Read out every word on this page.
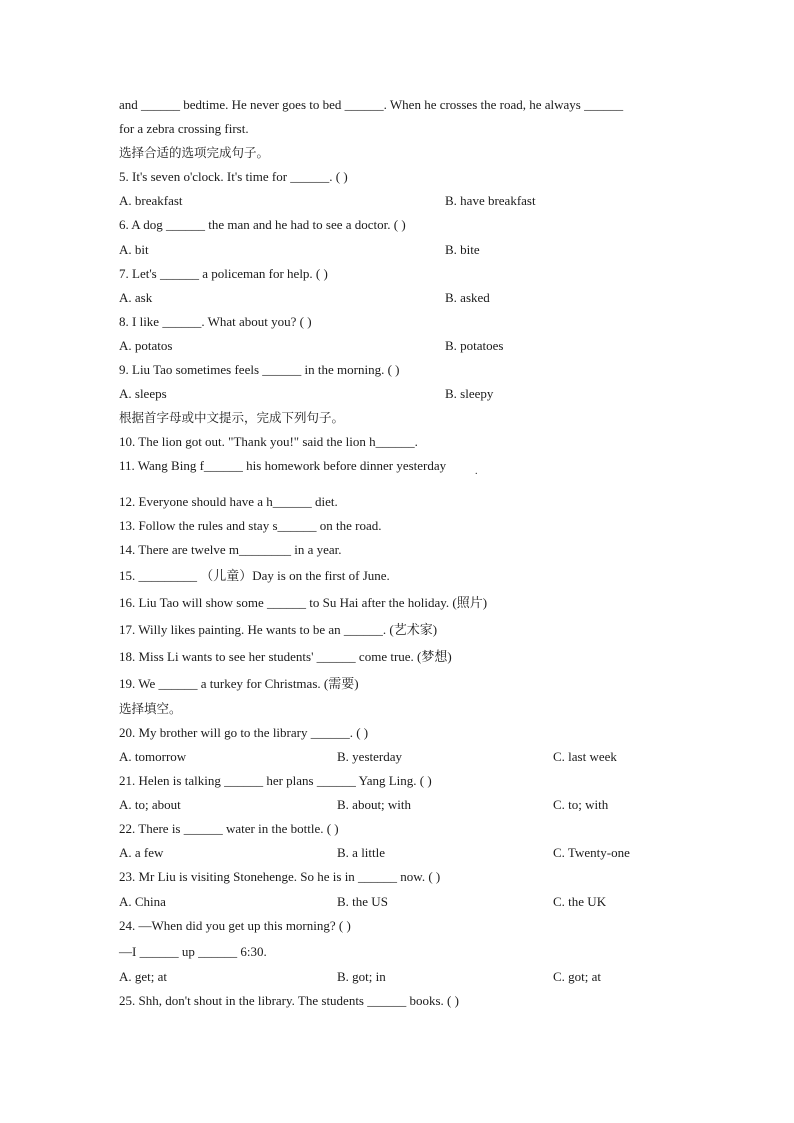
and ______ bedtime. He never goes to bed ______. When he crosses the road, he always ______
for a zebra crossing first.
选择合适的选项完成句子。
5. It's seven o'clock. It's time for ______. ( )
A. breakfast	B. have breakfast
6. A dog ______ the man and he had to see a doctor. ( )
A. bit	B. bite
7. Let's ______ a policeman for help. ( )
A. ask	B. asked
8. I like ______. What about you? ( )
A. potatos	B. potatoes
9. Liu Tao sometimes feels ______ in the morning. ( )
A. sleeps	B. sleepy
根据首字母或中文提示，完成下列句子。
10. The lion got out. "Thank you!" said the lion h______.
11. Wang Bing f______ his homework before dinner yesterday	.
12. Everyone should have a h______ diet.
13. Follow the rules and stay s______ on the road.
14. There are twelve m________ in a year.
15. _________ （儿童）Day is on the first of June.
16. Liu Tao will show some ______ to Su Hai after the holiday. (照片)
17. Willy likes painting. He wants to be an ______. (艺术家)
18. Miss Li wants to see her students' ______ come true. (梦想)
19. We ______ a turkey for Christmas. (需要)
选择填空。
20. My brother will go to the library ______. ( )
A. tomorrow	B. yesterday	C. last week
21. Helen is talking ______ her plans ______ Yang Ling. ( )
A. to; about	B. about; with	C. to; with
22. There is ______ water in the bottle. ( )
A. a few	B. a little	C. Twenty-one
23. Mr Liu is visiting Stonehenge. So he is in ______ now. ( )
A. China	B. the US	C. the UK
24. —When did you get up this morning? ( )
—I ______ up ______ 6:30.
A. get; at	B. got; in	C. got; at
25. Shh, don't shout in the library. The students ______ books. ( )
